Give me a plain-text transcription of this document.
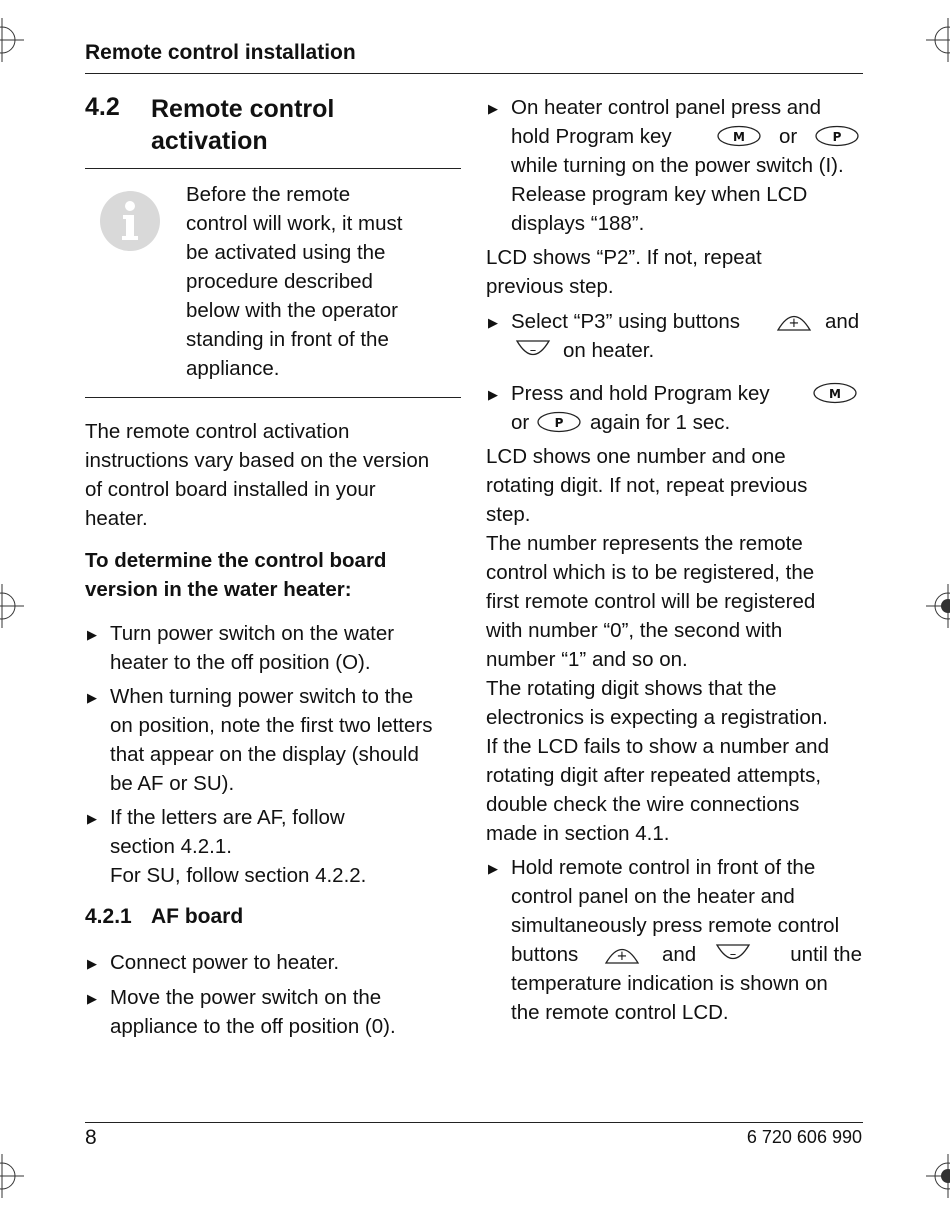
Remote control installation
4.2 Remote control
activation
Before the remote
control will work, it must
be activated using the
procedure described
below with the operator
standing in front of the
appliance.
The remote control activation
instructions vary based on the version
of control board installed in your
heater.
To determine the control board
version in the water heater:
▶ Turn power switch on the water
heater to the off position (O).
▶ When turning power switch to the
on position, note the first two letters
that appear on the display (should
be AF or SU).
▶ If the letters are AF, follow
section 4.2.1.
For SU, follow section 4.2.2.
4.2.1 AF board
▶ Connect power to heater.
▶ Move the power switch on the
appliance to the off position (0).
▶ On heater control panel press and
hold Program key	M or	P
while turning on the power switch (I).
Release program key when LCD
displays “188”.
LCD shows “P2”. If not, repeat
previous step.
▶ Select “P3” using buttons	+ and
– on heater.
▶ Press and hold Program key	M
or P again for 1 sec.
LCD shows one number and one
rotating digit. If not, repeat previous
step.
The number represents the remote
control which is to be registered, the
first remote control will be registered
with number “0”, the second with
number “1” and so on.
The rotating digit shows that the
electronics is expecting a registration.
If the LCD fails to show a number and
rotating digit after repeated attempts,
double check the wire connections
made in section 4.1.
▶ Hold remote control in front of the
control panel on the heater and
simultaneously press remote control
buttons	+ and	–	until the
temperature indication is shown on
the remote control LCD.
8	6 720 606 990
